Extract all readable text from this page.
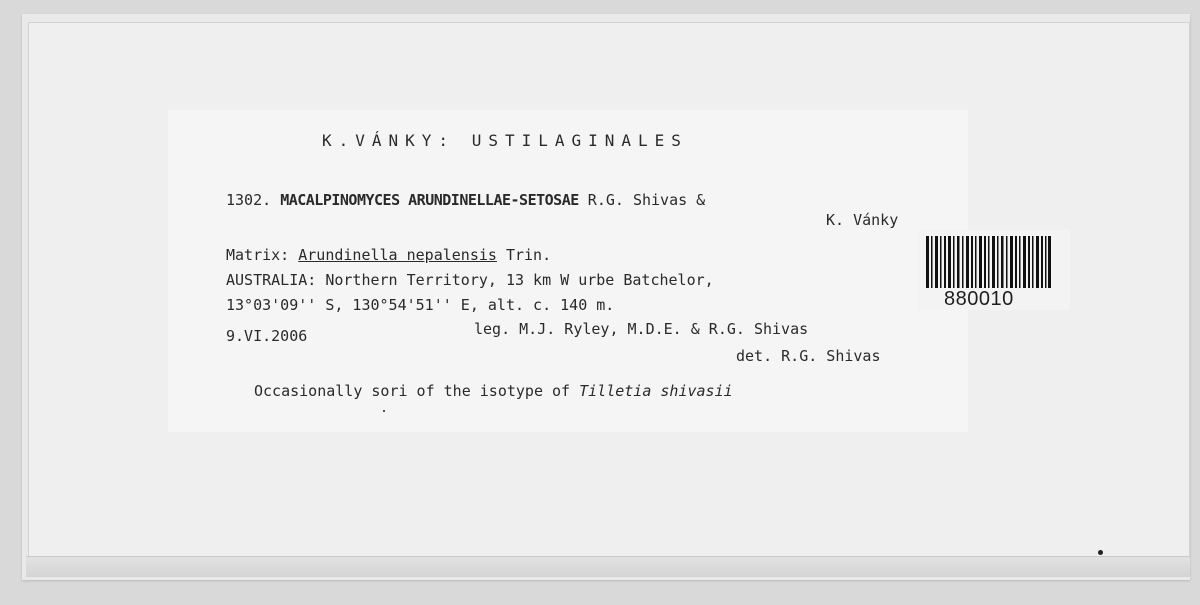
K.VÁNKY: USTILAGINALES
1302. MACALPINOMYCES ARUNDINELLAE-SETOSAE R.G. Shivas &
K. Vánky
Matrix: Arundinella nepalensis Trin.
AUSTRALIA: Northern Territory, 13 km W urbe Batchelor,
13°03'09'' S, 130°54'51'' E, alt. c. 140 m.
9.VI.2006	leg. M.J. Ryley, M.D.E. & R.G. Shivas
det. R.G. Shivas
Occasionally sori of the isotype of Tilletia shivasii
880010
